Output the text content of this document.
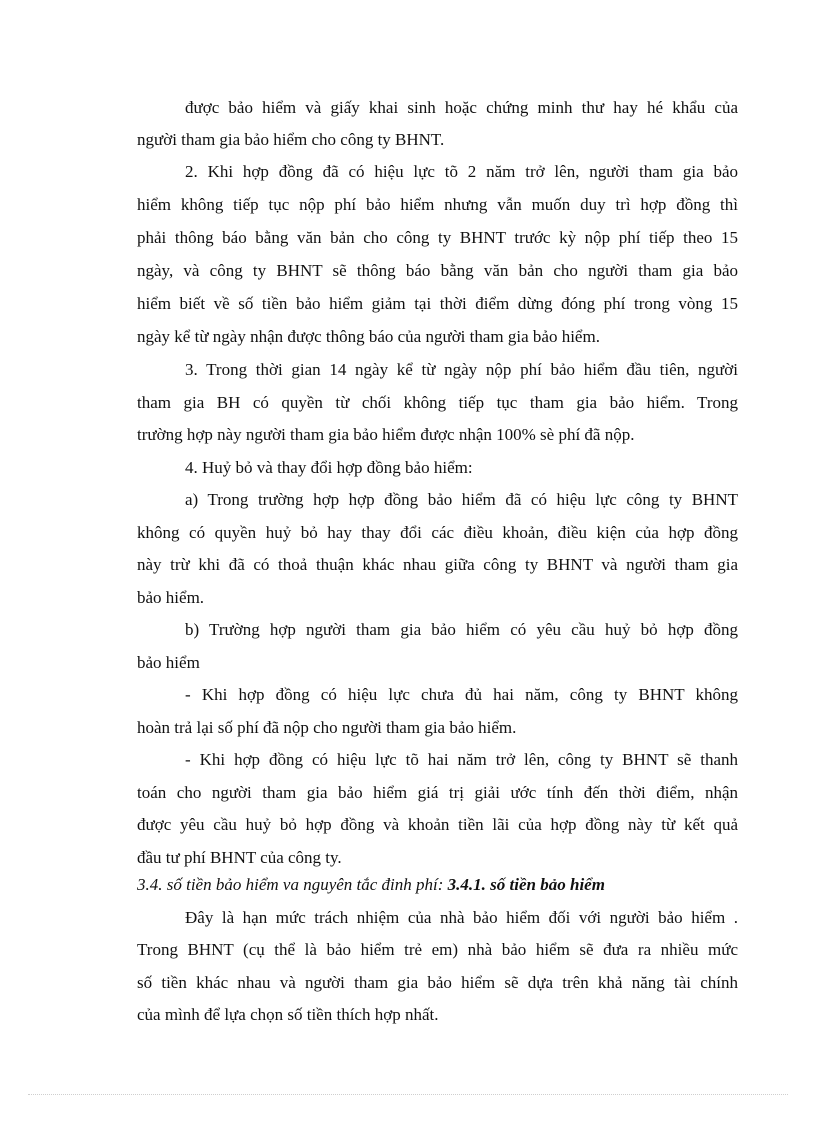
được bảo hiểm và giấy khai sinh hoặc chứng minh thư hay hé khẩu của
người tham gia bảo hiểm cho công ty BHNT.
2. Khi hợp đồng đã có hiệu lực tõ 2 năm trở lên, người tham gia bảo
hiểm không tiếp tục nộp phí bảo hiểm nhưng vẫn muốn duy trì hợp đồng thì
phải thông báo bằng văn bản cho công ty BHNT trước kỳ nộp phí tiếp theo 15
ngày, và công ty BHNT sẽ thông báo bằng văn bản cho người tham gia bảo
hiểm biết về số tiền bảo hiểm giảm tại thời điểm dừng đóng phí trong vòng 15
ngày kể từ ngày nhận được thông báo của người tham gia bảo hiểm.
3. Trong thời gian 14 ngày kể từ ngày nộp phí bảo hiểm đầu tiên, người
tham gia BH có quyền từ chối không tiếp tục tham gia bảo hiểm. Trong
trường hợp này người tham gia bảo hiểm được nhận 100% sè phí đã nộp.
4. Huỷ bỏ và thay đổi hợp đồng bảo hiểm:
a) Trong trường hợp hợp đồng bảo hiểm đã có hiệu lực công ty BHNT
không có quyền huỷ bỏ hay thay đổi các điều khoản, điều kiện của hợp đồng
này trừ khi đã có thoả thuận khác nhau giữa công ty BHNT và người tham gia
bảo hiểm.
b) Trường hợp người tham gia bảo hiểm có yêu cầu huỷ bỏ hợp đồng
bảo hiểm
- Khi hợp đồng có hiệu lực chưa đủ hai năm, công ty BHNT không
hoàn trả lại số phí đã nộp cho người tham gia bảo hiểm.
- Khi hợp đồng có hiệu lực tõ hai năm trở lên, công ty BHNT sẽ thanh
toán cho người tham gia bảo hiểm giá trị giải ước tính đến thời điểm, nhận
được yêu cầu huỷ bỏ hợp đồng và khoản tiền lãi của hợp đồng này từ kết quả
đầu tư phí BHNT của công ty.
3.4. số tiền bảo hiểm va nguyên tắc đinh phí: 3.4.1. số tiền bảo hiểm
Đây là hạn mức trách nhiệm của nhà bảo hiểm đối với người bảo hiểm .
Trong BHNT (cụ thể là bảo hiểm trẻ em) nhà bảo hiểm sẽ đưa ra nhiều mức
số tiền khác nhau và người tham gia bảo hiểm sẽ dựa trên khả năng tài chính
của mình để lựa chọn số tiền thích hợp nhất.
